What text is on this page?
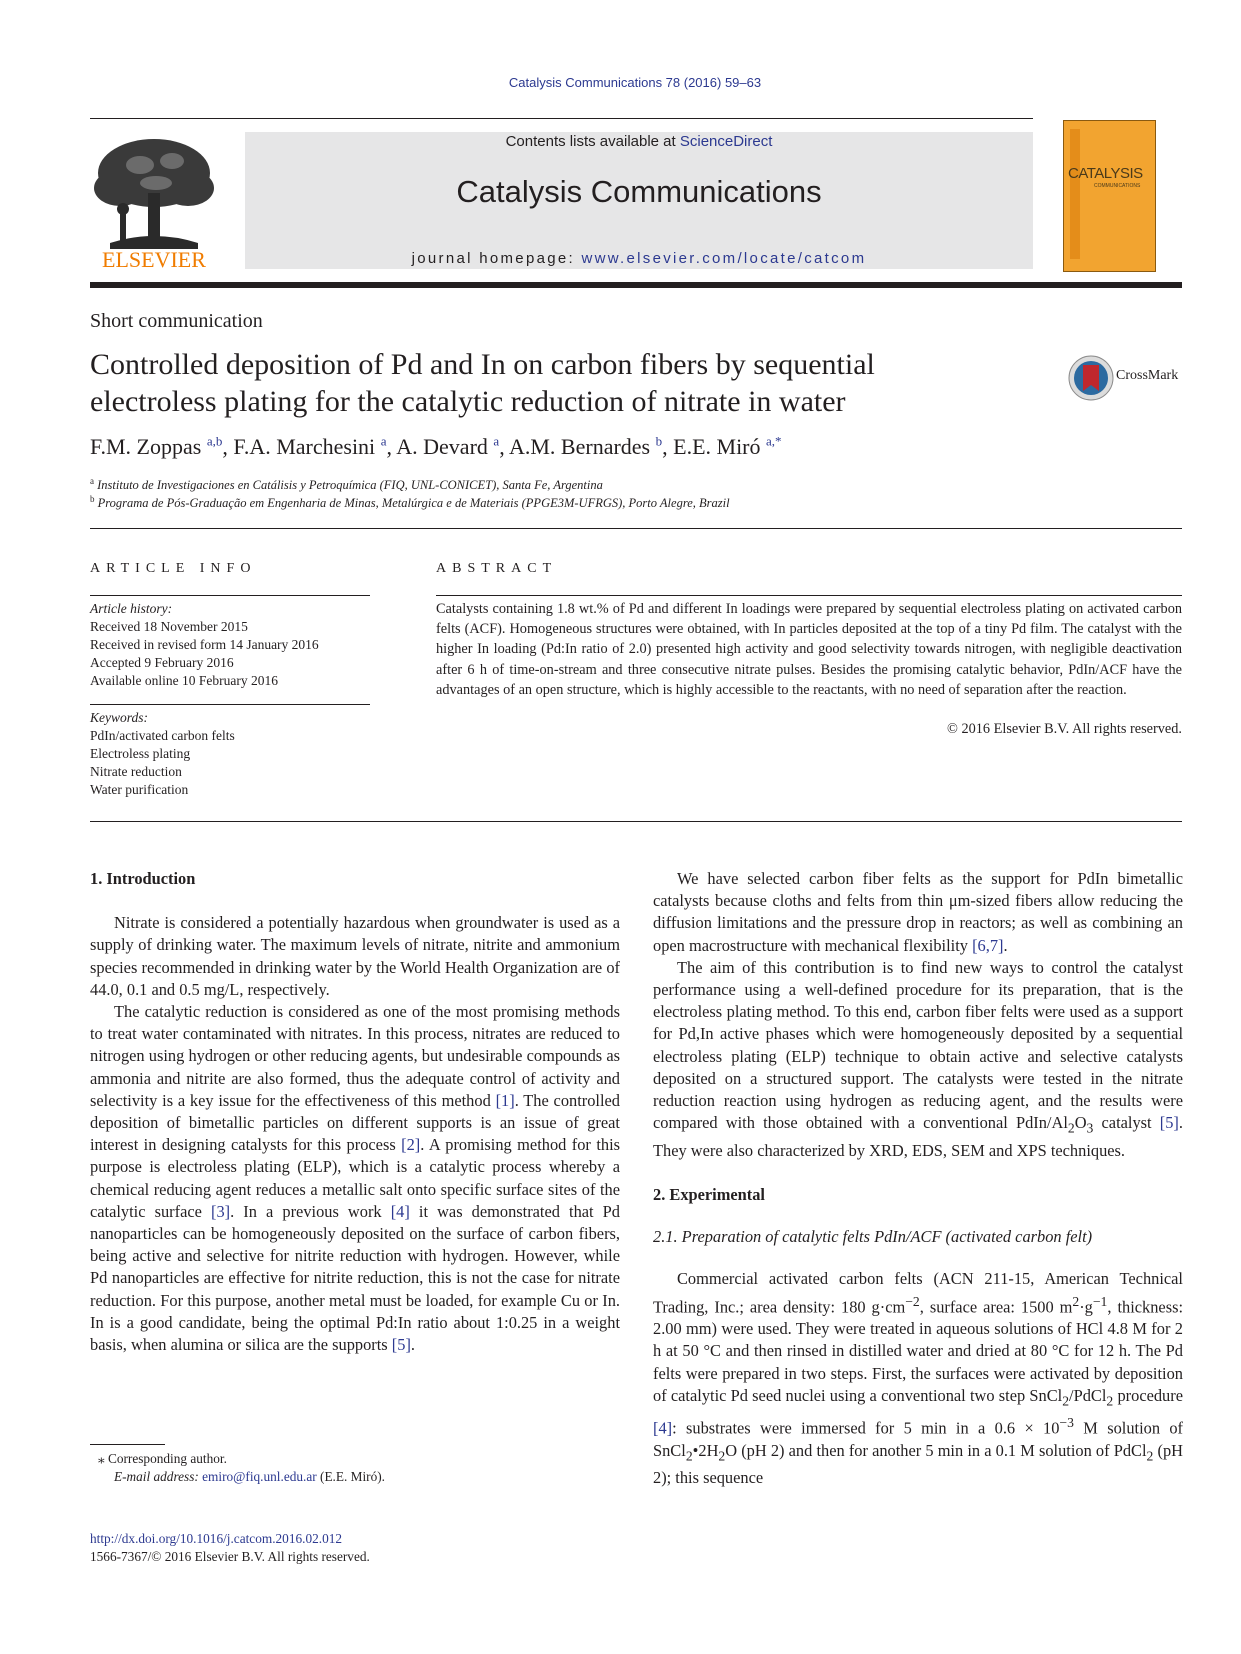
Catalysis Communications 78 (2016) 59–63
ELSEVIER
Contents lists available at ScienceDirect
Catalysis Communications
journal homepage: www.elsevier.com/locate/catcom
CATALYSIS
COMMUNICATIONS
Short communication
Controlled deposition of Pd and In on carbon fibers by sequential
electroless plating for the catalytic reduction of nitrate in water
CrossMark
F.M. Zoppas $^{a,b}$, F.A. Marchesini $^a$, A. Devard $^a$, A.M. Bernardes $^b$, E.E. Miró $^{a,*}$
$^a$ Instituto de Investigaciones en Catálisis y Petroquímica (FIQ, UNL-CONICET), Santa Fe, Argentina
$^b$ Programa de Pós-Graduação em Engenharia de Minas, Metalúrgica e de Materiais (PPGE3M-UFRGS), Porto Alegre, Brazil
ARTICLE INFO
Article history:
Received 18 November 2015
Received in revised form 14 January 2016
Accepted 9 February 2016
Available online 10 February 2016
Keywords:
PdIn/activated carbon felts
Electroless plating
Nitrate reduction
Water purification
ABSTRACT
Catalysts containing 1.8 wt.% of Pd and different In loadings were prepared by sequential electroless plating on activated carbon felts (ACF). Homogeneous structures were obtained, with In particles deposited at the top of a tiny Pd film. The catalyst with the higher In loading (Pd:In ratio of 2.0) presented high activity and good selectivity towards nitrogen, with negligible deactivation after 6 h of time-on-stream and three consecutive nitrate pulses. Besides the promising catalytic behavior, PdIn/ACF have the advantages of an open structure, which is highly accessible to the reactants, with no need of separation after the reaction.
© 2016 Elsevier B.V. All rights reserved.
1. Introduction

Nitrate is considered a potentially hazardous when groundwater is used as a supply of drinking water. The maximum levels of nitrate, nitrite and ammonium species recommended in drinking water by the World Health Organization are of 44.0, 0.1 and 0.5 mg/L, respectively.

The catalytic reduction is considered as one of the most promising methods to treat water contaminated with nitrates. In this process, nitrates are reduced to nitrogen using hydrogen or other reducing agents, but undesirable compounds as ammonia and nitrite are also formed, thus the adequate control of activity and selectivity is a key issue for the effectiveness of this method [1]. The controlled deposition of bimetallic particles on different supports is an issue of great interest in designing catalysts for this process [2]. A promising method for this purpose is electroless plating (ELP), which is a catalytic process whereby a chemical reducing agent reduces a metallic salt onto specific surface sites of the catalytic surface [3]. In a previous work [4] it was demonstrated that Pd nanoparticles can be homogeneously deposited on the surface of carbon fibers, being active and selective for nitrite reduction with hydrogen. However, while Pd nanoparticles are effective for nitrite reduction, this is not the case for nitrate reduction. For this purpose, another metal must be loaded, for example Cu or In. In is a good candidate, being the optimal Pd:In ratio about 1:0.25 in a weight basis, when alumina or silica are the supports [5].

We have selected carbon fiber felts as the support for PdIn bimetallic catalysts because cloths and felts from thin μm-sized fibers allow reducing the diffusion limitations and the pressure drop in reactors; as well as combining an open macrostructure with mechanical flexibility [6,7].

The aim of this contribution is to find new ways to control the catalyst performance using a well-defined procedure for its preparation, that is the electroless plating method. To this end, carbon fiber felts were used as a support for Pd,In active phases which were homogeneously deposited by a sequential electroless plating (ELP) technique to obtain active and selective catalysts deposited on a structured support. The catalysts were tested in the nitrate reduction reaction using hydrogen as reducing agent, and the results were compared with those obtained with a conventional PdIn/$Al_2O_3$ catalyst [5]. They were also characterized by XRD, EDS, SEM and XPS techniques.

2. Experimental
2.1. Preparation of catalytic felts PdIn/ACF (activated carbon felt)

Commercial activated carbon felts (ACN 211-15, American Technical Trading, Inc.; area density: 180 $g\cdot cm^{-2}$, surface area: 1500 $m^2\cdot g^{-1}$, thickness: 2.00 mm) were used. They were treated in aqueous solutions of HCl 4.8 M for 2 h at 50 °C and then rinsed in distilled water and dried at 80 °C for 12 h. The Pd felts were prepared in two steps. First, the surfaces were activated by deposition of catalytic Pd seed nuclei using a conventional two step SnCl$_2$/PdCl$_2$ procedure [4]: substrates were immersed for 5 min in a $0.6 \times 10^{-3}$ M solution of $SnCl_2•2H_2O$ (pH 2) and then for another 5 min in a 0.1 M solution of PdCl$_2$ (pH 2); this sequence

⁎ Corresponding author.
E-mail address: emiro@fiq.unl.edu.ar (E.E. Miró).
http://dx.doi.org/10.1016/j.catcom.2016.02.012
1566-7367/© 2016 Elsevier B.V. All rights reserved.
